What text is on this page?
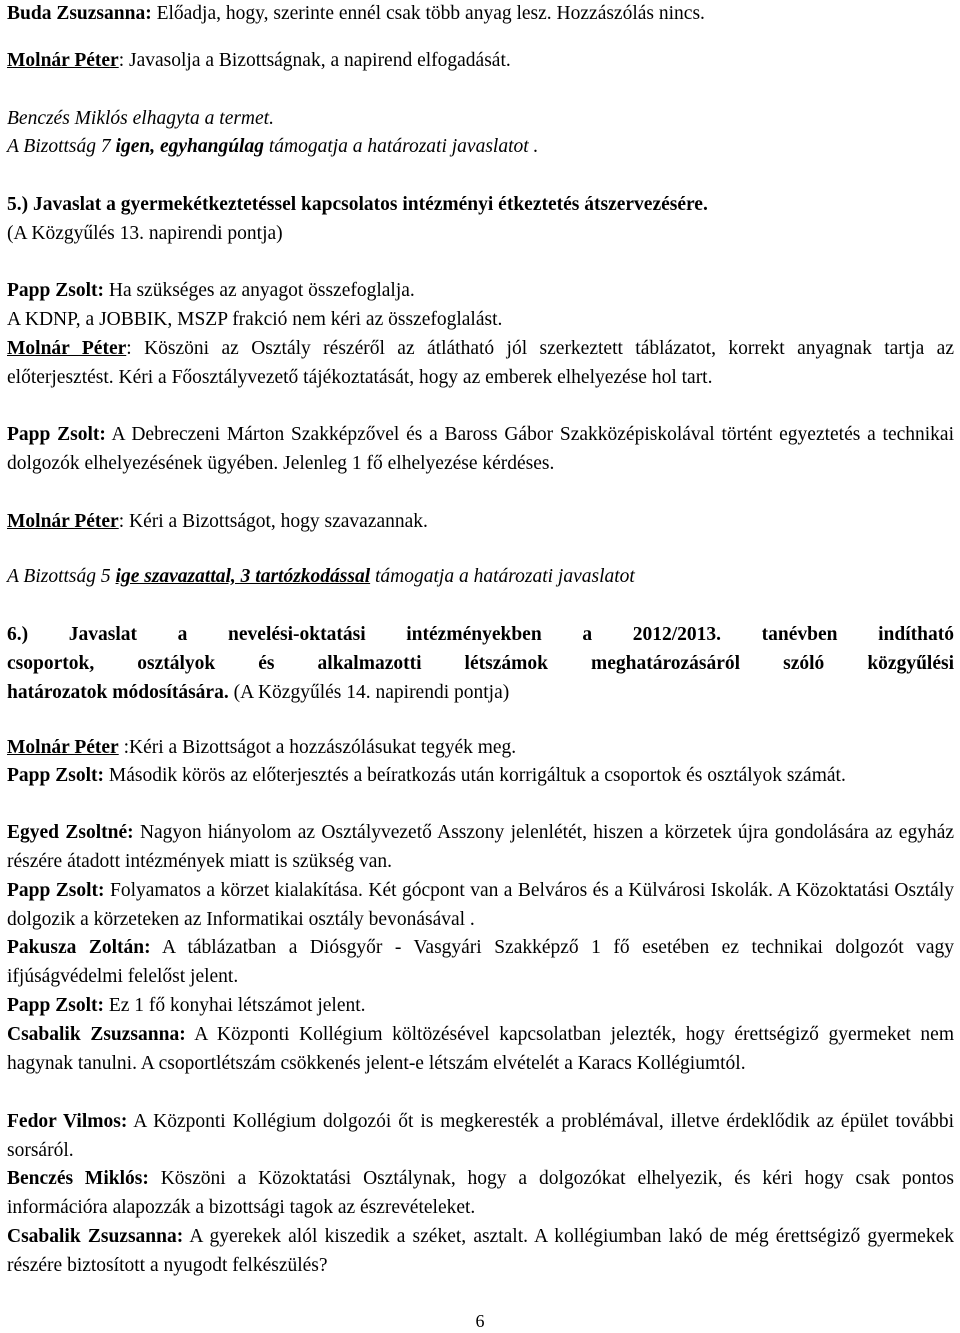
Buda Zsuzsanna: Előadja, hogy, szerinte ennél csak több anyag lesz. Hozzászólás nincs.

Molnár Péter: Javasolja a Bizottságnak, a napirend elfogadását.

Benczés Miklós elhagyta a termet.

A Bizottság 7 igen, egyhangúlag támogatja a határozati javaslatot .

5.) Javaslat a gyermekétkeztetéssel kapcsolatos intézményi étkeztetés átszervezésére.

(A Közgyűlés 13. napirendi pontja)

Papp Zsolt: Ha szükséges az anyagot összefoglalja.

A KDNP, a JOBBIK, MSZP frakció nem kéri az összefoglalást.

Molnár Péter: Köszöni az Osztály részéről az átlátható jól szerkeztett táblázatot, korrekt anyagnak tartja az előterjesztést. Kéri a Főosztályvezető tájékoztatását, hogy az emberek elhelyezése hol tart.

Papp Zsolt: A Debreczeni Márton Szakképzővel és a Baross Gábor Szakközépiskolával történt egyeztetés a technikai dolgozók elhelyezésének ügyében. Jelenleg 1 fő elhelyezése kérdéses.

Molnár Péter: Kéri a Bizottságot, hogy szavazannak.

A Bizottság 5 ige szavazattal, 3 tartózkodással támogatja a határozati javaslatot

6.) Javaslat a nevelési-oktatási intézményekben a 2012/2013. tanévben indítható

csoportok, osztályok és alkalmazotti létszámok meghatározásáról szóló közgyűlési

határozatok módosítására. (A Közgyűlés 14. napirendi pontja)

Molnár Péter :Kéri a Bizottságot a hozzászólásukat tegyék meg.

Papp Zsolt: Második körös az előterjesztés a beíratkozás után korrigáltuk a csoportok és osztályok számát.

Egyed Zsoltné: Nagyon hiányolom az Osztályvezető Asszony jelenlétét, hiszen a körzetek újra gondolására az egyház részére átadott intézmények miatt is szükség van.

Papp Zsolt: Folyamatos a körzet kialakítása. Két gócpont van a Belváros és a Külvárosi Iskolák. A Közoktatási Osztály dolgozik a körzeteken az Informatikai osztály bevonásával .

Pakusza Zoltán: A táblázatban a Diósgyőr - Vasgyári Szakképző 1 fő esetében ez technikai dolgozót vagy ifjúságvédelmi felelőst jelent.

Papp Zsolt: Ez 1 fő konyhai létszámot jelent.

Csabalik Zsuzsanna: A Központi Kollégium költözésével kapcsolatban jelezték, hogy érettségiző gyermeket nem hagynak tanulni. A csoportlétszám csökkenés jelent-e létszám elvételét a Karacs Kollégiumtól.

Fedor Vilmos: A Központi Kollégium dolgozói őt is megkeresték a problémával, illetve érdeklődik az épület további sorsáról.

Benczés Miklós: Köszöni a Közoktatási Osztálynak, hogy a dolgozókat elhelyezik, és kéri hogy csak pontos információra alapozzák a bizottsági tagok az észrevételeket.

Csabalik Zsuzsanna: A gyerekek alól kiszedik a széket, asztalt. A kollégiumban lakó de még érettségiző gyermekek részére biztosított a nyugodt felkészülés?

6
